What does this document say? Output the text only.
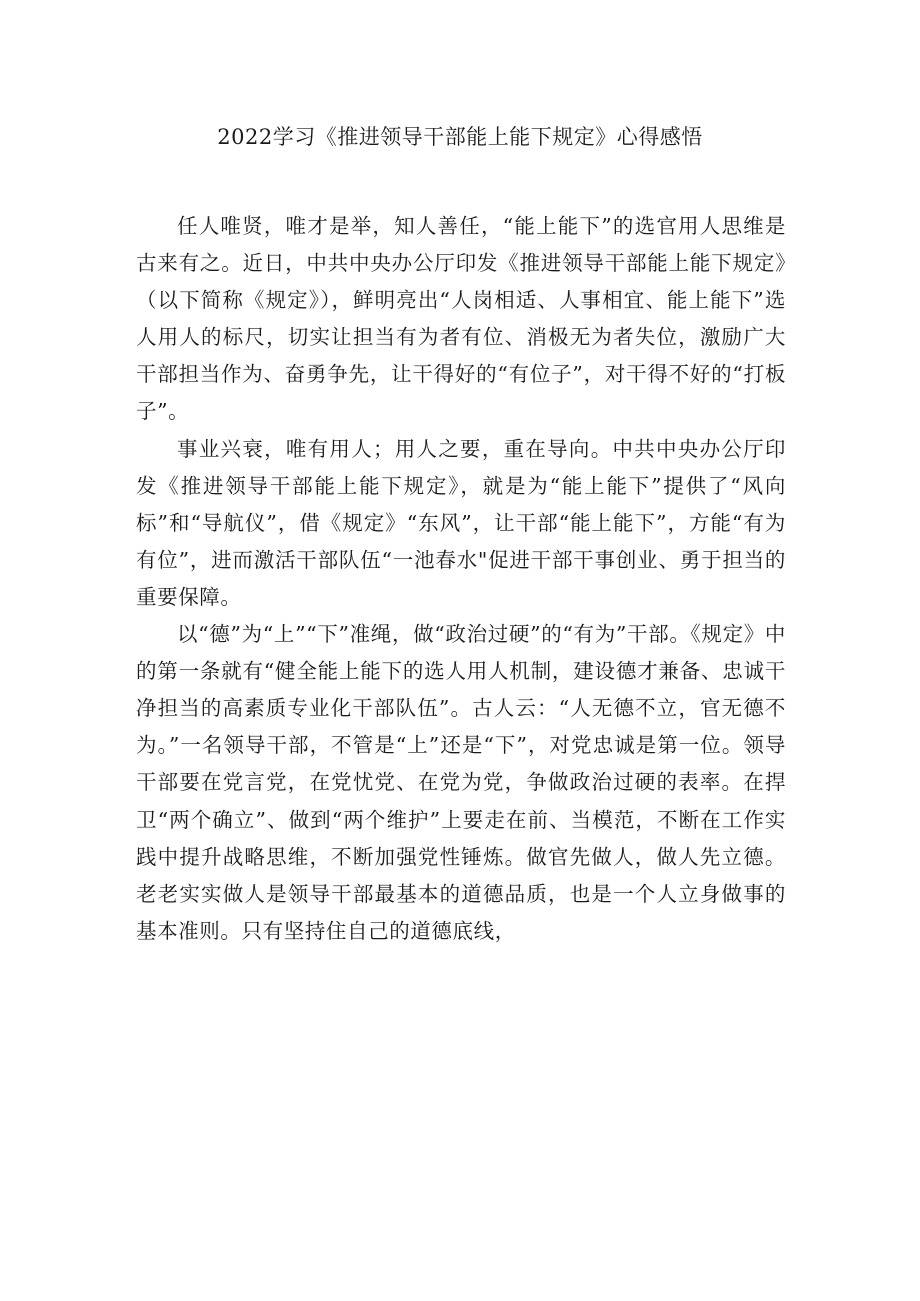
2022学习《推进领导干部能上能下规定》心得感悟

任人唯贤，唯才是举，知人善任，“能上能下”的选官用人思维是古来有之。近日，中共中央办公厅印发《推进领导干部能上能下规定》（以下简称《规定》），鲜明亮出“人岗相适、人事相宜、能上能下”选人用人的标尺，切实让担当有为者有位、消极无为者失位，激励广大干部担当作为、奋勇争先，让干得好的“有位子”，对干得不好的“打板子”。

事业兴衰，唯有用人；用人之要，重在导向。中共中央办公厅印发《推进领导干部能上能下规定》，就是为“能上能下”提供了“风向标”和“导航仪”，借《规定》“东风”，让干部“能上能下”，方能“有为有位”，进而激活干部队伍“一池春水"促进干部干事创业、勇于担当的重要保障。

以“德”为“上”“下”准绳，做“政治过硬”的“有为”干部。《规定》中的第一条就有“健全能上能下的选人用人机制，建设德才兼备、忠诚干净担当的高素质专业化干部队伍”。古人云：“人无德不立，官无德不为。”一名领导干部，不管是“上”还是“下”，对党忠诚是第一位。领导干部要在党言党，在党忧党、在党为党，争做政治过硬的表率。在捍卫“两个确立”、做到“两个维护”上要走在前、当模范，不断在工作实践中提升战略思维，不断加强党性锤炼。做官先做人，做人先立德。老老实实做人是领导干部最基本的道德品质，也是一个人立身做事的基本准则。只有坚持住自己的道德底线，
